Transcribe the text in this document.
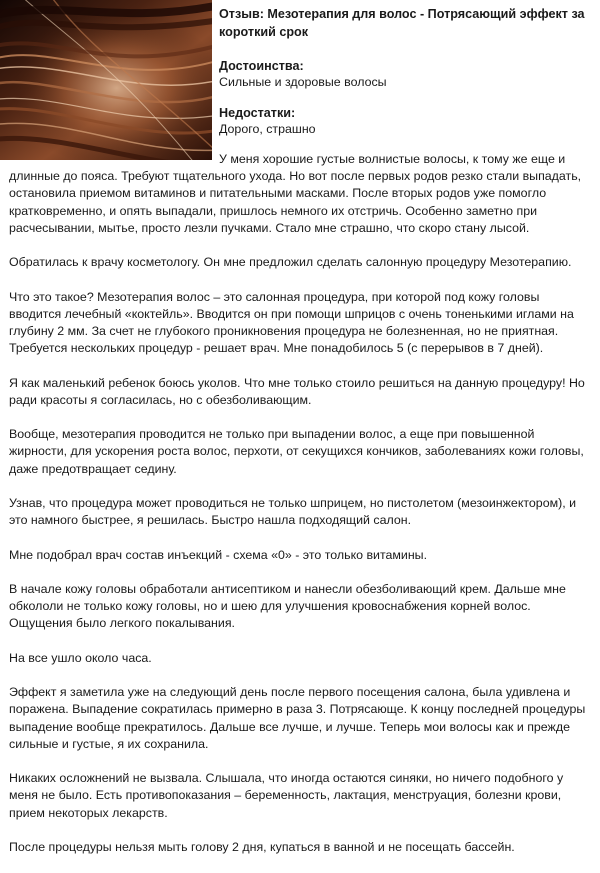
Отзыв: Мезотерапия для волос - Потрясающий эффект за короткий срок

Достоинства:

Сильные и здоровые волосы

Недостатки:

Дорого, страшно

У меня хорошие густые волнистые волосы, к тому же еще и длинные до пояса. Требуют тщательного ухода. Но вот после первых родов резко стали выпадать, остановила приемом витаминов и питательными масками. После вторых родов уже помогло кратковременно, и опять выпадали, пришлось немного их отстричь. Особенно заметно при расчесывании, мытье, просто лезли пучками. Стало мне страшно, что скоро стану лысой.

Обратилась к врачу косметологу. Он мне предложил сделать салонную процедуру Мезотерапию.

Что это такое? Мезотерапия волос – это салонная процедура, при которой под кожу головы вводится лечебный «коктейль». Вводится он при помощи шприцов с очень тоненькими иглами на глубину 2 мм. За счет не глубокого проникновения процедура не болезненная, но не приятная. Требуется нескольких процедур - решает врач. Мне понадобилось 5 (с перерывов в 7 дней).

Я как маленький ребенок боюсь уколов. Что мне только стоило решиться на данную процедуру! Но ради красоты я согласилась, но с обезболивающим.

Вообще, мезотерапия проводится не только при выпадении волос, а еще при повышенной жирности, для ускорения роста волос, перхоти, от секущихся кончиков, заболеваниях кожи головы, даже предотвращает седину.

Узнав, что процедура может проводиться не только шприцем, но пистолетом (мезоинжектором), и это намного быстрее, я решилась. Быстро нашла подходящий салон.

Мне подобрал врач состав инъекций - схема «0» - это только витамины.

В начале кожу головы обработали антисептиком и нанесли обезболивающий крем. Дальше мне обкололи не только кожу головы, но и шею для улучшения кровоснабжения корней волос. Ощущения было легкого покалывания.

На все ушло около часа.

Эффект я заметила уже на следующий день после первого посещения салона, была удивлена и поражена. Выпадение сократилась примерно в раза 3. Потрясающе. К концу последней процедуры выпадение вообще прекратилось. Дальше все лучше, и лучше. Теперь мои волосы как и прежде сильные и густые, я их сохранила.

Никаких осложнений не вызвала. Слышала, что иногда остаются синяки, но ничего подобного у меня не было. Есть противопоказания – беременность, лактация, менструация, болезни крови, прием некоторых лекарств.

После процедуры нельзя мыть голову 2 дня, купаться в ванной и не посещать бассейн.
